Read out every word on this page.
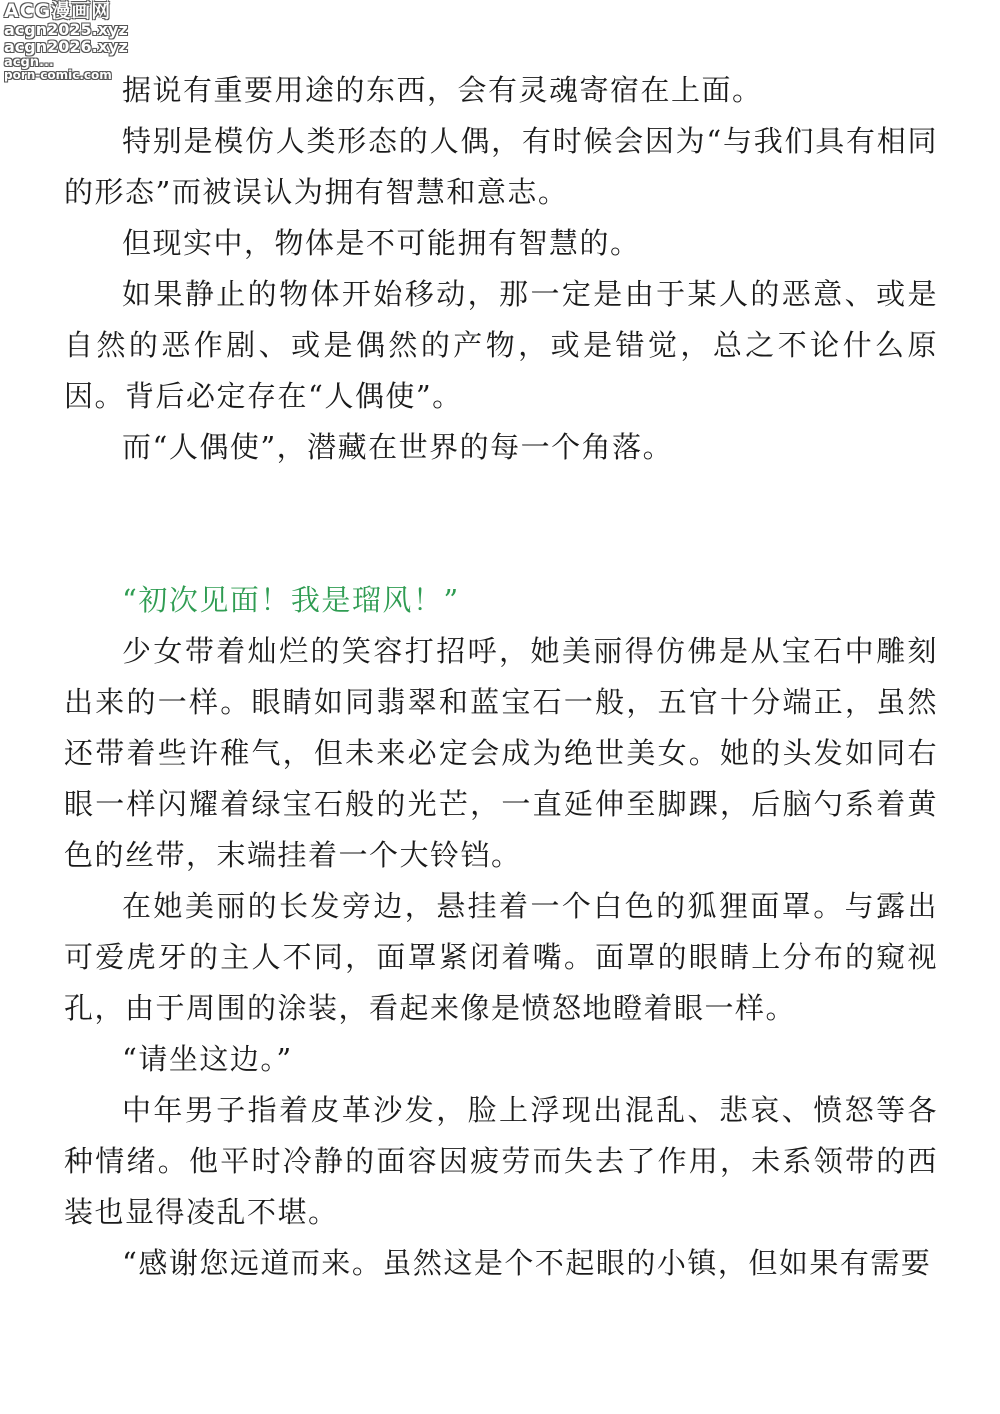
ACG漫画网
acgn2025.xyz
acgn2026.xyz
acgn...
porn-comic.com 据说有重要用途的东西，会有灵魂寄宿在上面。

特别是模仿人类形态的人偶，有时候会因为“与我们具有相同的形态”而被误认为拥有智慧和意志。

但现实中，物体是不可能拥有智慧的。

如果静止的物体开始移动，那一定是由于某人的恶意、或是自然的恶作剧、或是偶然的产物，或是错觉，总之不论什么原因。背后必定存在“人偶使”。

而“人偶使”，潜藏在世界的每一个角落。

“初次见面！我是瑠风！”

少女带着灿烂的笑容打招呼，她美丽得仿佛是从宝石中雕刻出来的一样。眼睛如同翡翠和蓝宝石一般，五官十分端正，虽然还带着些许稚气，但未来必定会成为绝世美女。她的头发如同右眼一样闪耀着绿宝石般的光芒，一直延伸至脚踝，后脑勺系着黄色的丝带，末端挂着一个大铃铛。

在她美丽的长发旁边，悬挂着一个白色的狐狸面罩。与露出可爱虎牙的主人不同，面罩紧闭着嘴。面罩的眼睛上分布的窥视孔，由于周围的涂装，看起来像是愤怒地瞪着眼一样。

“请坐这边。”

中年男子指着皮革沙发，脸上浮现出混乱、悲哀、愤怒等各种情绪。他平时冷静的面容因疲劳而失去了作用，未系领带的西装也显得凌乱不堪。

“感谢您远道而来。虽然这是个不起眼的小镇，但如果有需要
